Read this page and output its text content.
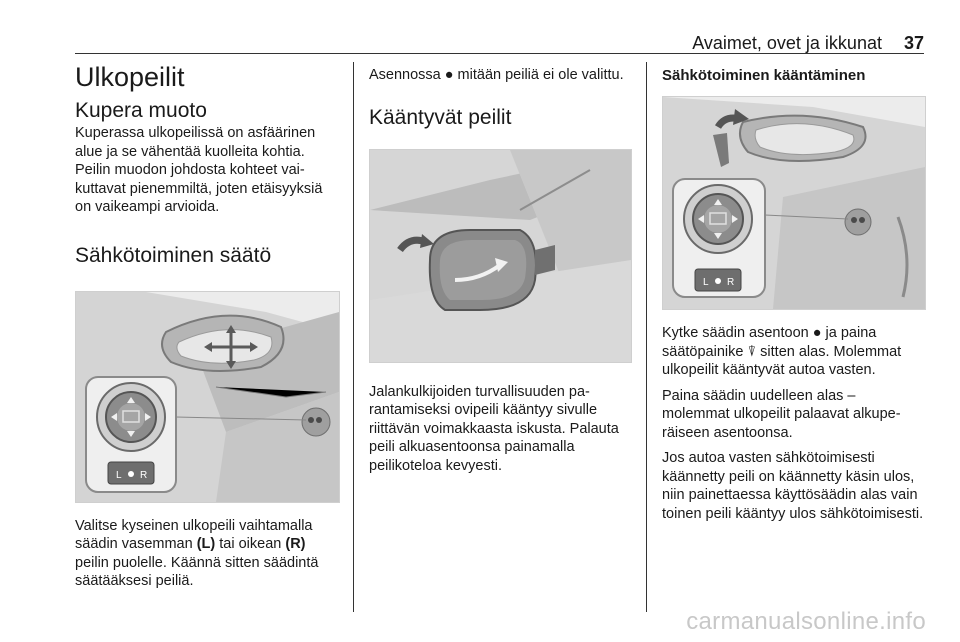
Avaimet, ovet ja ikkunat 37
Ulkopeilit
Kupera muoto

Kuperassa ulkopeilissä on asfäärinen alue ja se vähentää kuolleita kohtia. Peilin muodon johdosta kohteet vaikuttavat pienemmiltä, joten etäisyyksiä on vaikeampi arvioida.

Sähkötoiminen säätö
L R

Valitse kyseinen ulkopeili vaihtamalla säädin vasemman (L) tai oikean (R) peilin puolelle. Käännä sitten säädintä säätääksesi peiliä.

Asennossa ● mitään peiliä ei ole valittu.

Kääntyvät peilit

Jalankulkijoiden turvallisuuden parantamiseksi ovipeili kääntyy sivulle riittävän voimakkaasta iskusta. Palauta peili alkuasentoonsa painamalla peilikoteloa kevyesti.

Sähkötoiminen kääntäminen
L R

Kytke säädin asentoon ● ja paina säätöpainike ⍒ sitten alas. Molemmat ulkopeilit kääntyvät autoa vasten.

Paina säädin uudelleen alas – molemmat ulkopeilit palaavat alkuperäiseen asentoonsa.

Jos autoa vasten sähkötoimisesti käännetty peili on käännetty käsin ulos, niin painettaessa käyttösäädin alas vain toinen peili kääntyy ulos sähkötoimisesti.

carmanualsonline.info
